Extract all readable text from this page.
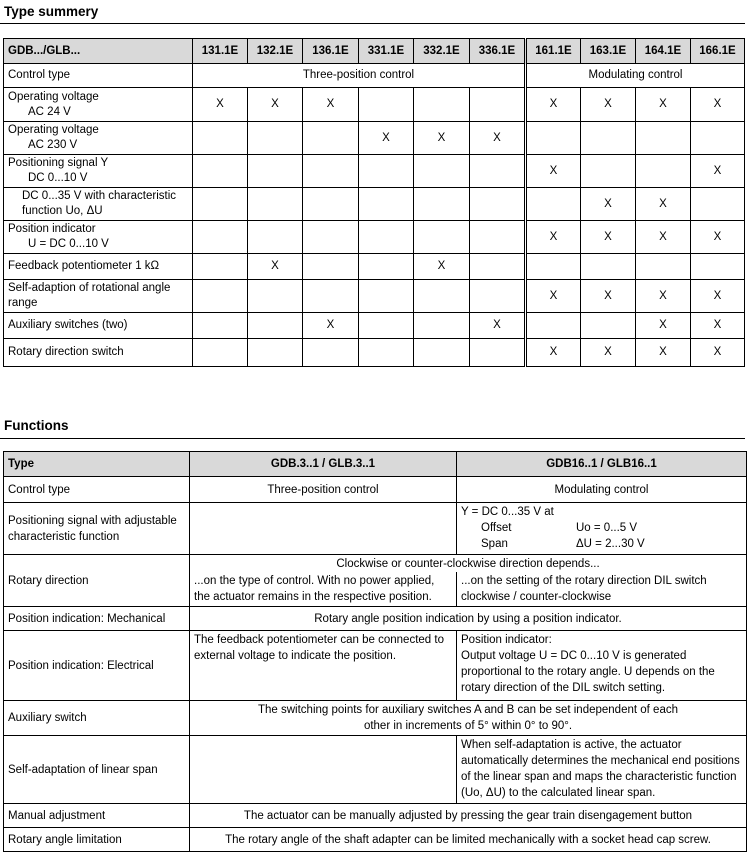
Type summery
GDB.../GLB...	131.1E	132.1E	136.1E	331.1E	332.1E	336.1E	161.1E	163.1E	164.1E	166.1E
Control type	Three-position control						Modulating control			
Operating voltage
AC 24 V	X	X	X				X	X	X	X
Operating voltage
AC 230 V				X	X	X				
Positioning signal Y
DC 0...10 V							X			X

DC 0...35 V with characteristic
function Uo, ΔU								X	X	
Position indicator
U = DC 0...10 V							X	X	X	X
Feedback potentiometer 1 kΩ		X			X					
Self-adaption of rotational angle
range							X	X	X	X
Auxiliary switches (two)			X			X			X	X
Rotary direction switch							X	X	X	X
Functions
Type	GDB.3..1 / GLB.3..1	GDB16..1 / GLB16..1
Control type	Three-position control	Modulating control
Positioning signal with adjustable characteristic function		Y = DC 0...35 V at
Offset Uo = 0...5 V
Span ΔU = 2...30 V

Rotary direction	Clockwise or counter-clockwise direction depends...	
	...on the type of control. With no power applied, the actuator remains in the respective position.	...on the setting of the rotary direction DIL switch clockwise / counter-clockwise
Position indication: Mechanical	Rotary angle position indication by using a position indicator.	
Position indication: Electrical	The feedback potentiometer can be connected to external voltage to indicate the position.	Position indicator:
Output voltage U = DC 0...10 V is generated proportional to the rotary angle. U depends on the rotary direction of the DIL switch setting.

Auxiliary switch	The switching points for auxiliary switches A and B can be set independent of each other in increments of 5° within 0° to 90°.	
Self-adaptation of linear span		When self-adaptation is active, the actuator automatically determines the mechanical end positions of the linear span and maps the characteristic function (Uo, ΔU) to the calculated linear span.
Manual adjustment	The actuator can be manually adjusted by pressing the gear train disengagement button	
Rotary angle limitation	The rotary angle of the shaft adapter can be limited mechanically with a socket head cap screw.	
